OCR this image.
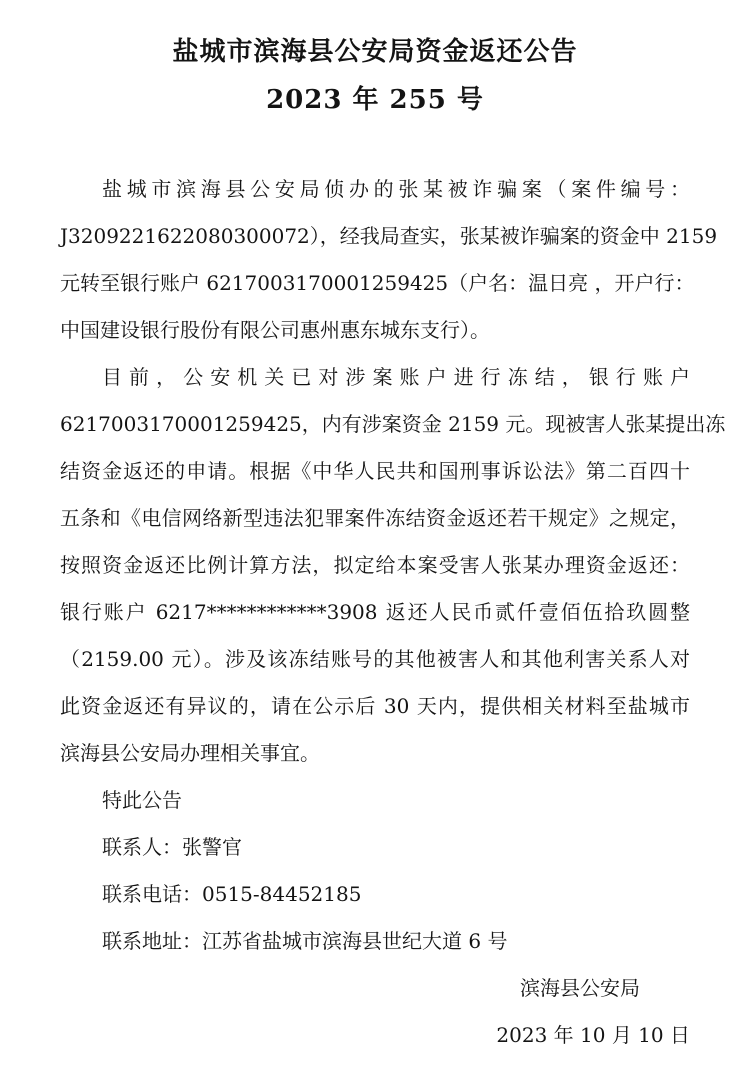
盐城市滨海县公安局资金返还公告
2023 年 255 号
盐城市滨海县公安局侦办的张某被诈骗案（案件编号：
J3209221622080300072），经我局查实，张某被诈骗案的资金中 2159
元转至银行账户 6217003170001259425（户名：温日亮 ，开户行：
中国建设银行股份有限公司惠州惠东城东支行）。
目前，公安机关已对涉案账户进行冻结，银行账户
6217003170001259425，内有涉案资金 2159 元。现被害人张某提出冻
结资金返还的申请。根据《中华人民共和国刑事诉讼法》第二百四十
五条和《电信网络新型违法犯罪案件冻结资金返还若干规定》之规定，
按照资金返还比例计算方法，拟定给本案受害人张某办理资金返还：
银行账户 6217************3908 返还人民币贰仟壹佰伍拾玖圆整
（2159.00 元）。涉及该冻结账号的其他被害人和其他利害关系人对
此资金返还有异议的，请在公示后 30 天内，提供相关材料至盐城市
滨海县公安局办理相关事宜。
特此公告
联系人：张警官
联系电话：0515-84452185
联系地址：江苏省盐城市滨海县世纪大道 6 号
滨海县公安局
2023 年 10 月 10 日
